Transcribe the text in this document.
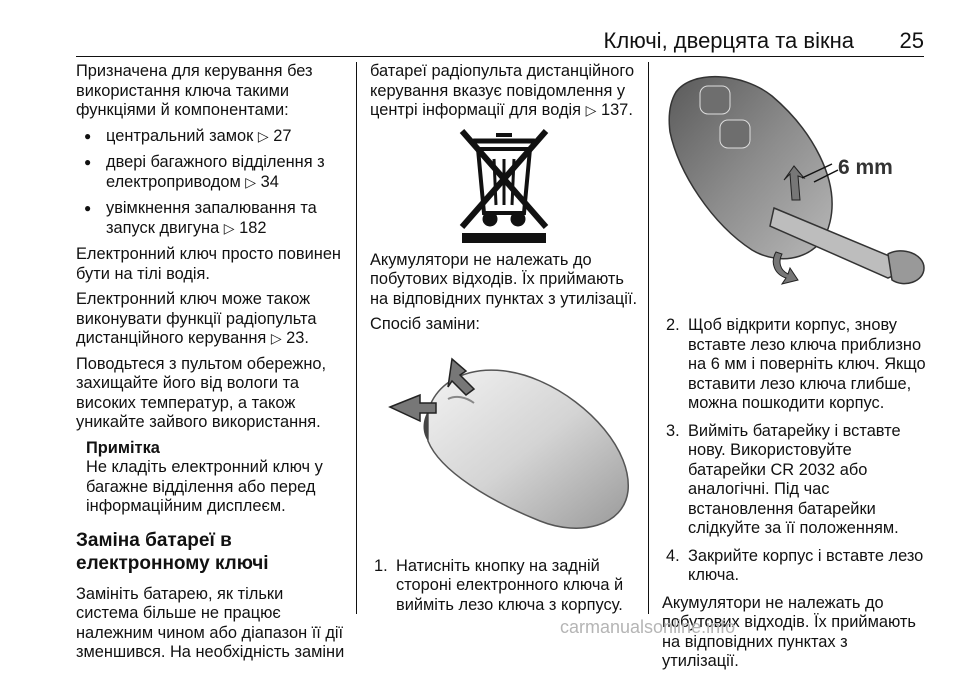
Ключі, дверцята та вікна 25

Призначена для керування без використання ключа такими функціями й компонентами:

● центральний замок ▷ 27
● двері багажного відділення з електроприводом ▷ 34
● увімкнення запалювання та запуск двигуна ▷ 182

Електронний ключ просто повинен бути на тілі водія.

Електронний ключ може також виконувати функції радіопульта дистанційного керування ▷ 23.

Поводьтеся з пультом обережно, захищайте його від вологи та високих температур, а також уникайте зайвого використання.

Примітка
Не кладіть електронний ключ у багажне відділення або перед інформаційним дисплеєм.
Заміна батареї в електронному ключі

Замініть батарею, як тільки система більше не працює належним чином або діапазон її дії зменшився. На необхідність заміни

батареї радіопульта дистанційного керування вказує повідомлення у центрі інформації для водія ▷ 137.

Акумулятори не належать до побутових відходів. Їх приймають на відповідних пунктах з утилізації.

Спосіб заміни:

1. Натисніть кнопку на задній стороні електронного ключа й вийміть лезо ключа з корпусу.
6 mm
2. Щоб відкрити корпус, знову вставте лезо ключа приблизно на 6 мм і поверніть ключ. Якщо вставити лезо ключа глибше, можна пошкодити корпус.
3. Вийміть батарейку і вставте нову. Використовуйте батарейки CR 2032 або аналогічні. Під час встановлення батарейки слідкуйте за її положенням.
4. Закрийте корпус і вставте лезо ключа.

Акумулятори не належать до побутових відходів. Їх приймають на відповідних пунктах з утилізації.

carmanualsonline.info
